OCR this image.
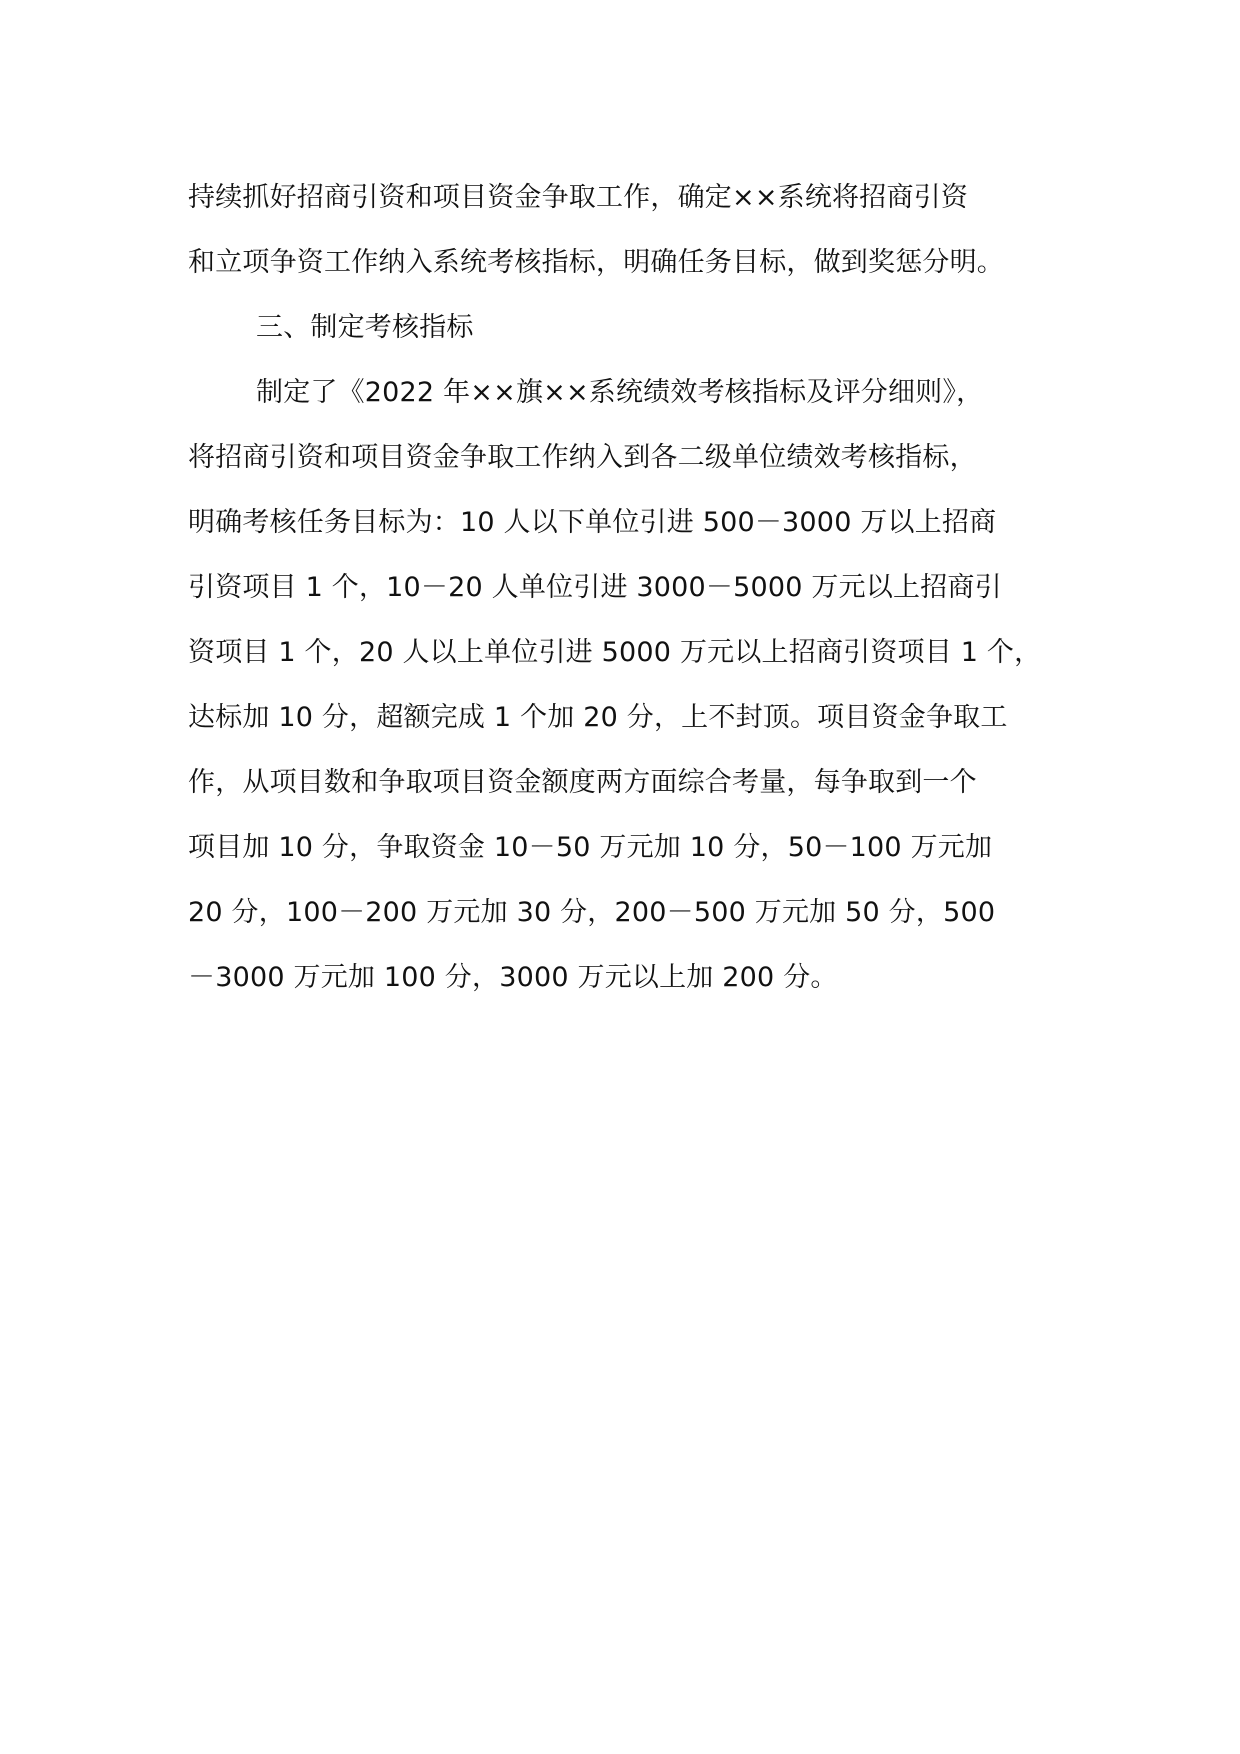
持续抓好招商引资和项目资金争取工作，确定××系统将招商引资
和立项争资工作纳入系统考核指标，明确任务目标，做到奖惩分明。
三、制定考核指标
制定了《2022 年××旗××系统绩效考核指标及评分细则》，
将招商引资和项目资金争取工作纳入到各二级单位绩效考核指标，
明确考核任务目标为：10 人以下单位引进 500－3000 万以上招商
引资项目 1 个，10－20 人单位引进 3000－5000 万元以上招商引
资项目 1 个，20 人以上单位引进 5000 万元以上招商引资项目 1 个，
达标加 10 分，超额完成 1 个加 20 分，上不封顶。项目资金争取工
作，从项目数和争取项目资金额度两方面综合考量，每争取到一个
项目加 10 分，争取资金 10－50 万元加 10 分，50－100 万元加
20 分，100－200 万元加 30 分，200－500 万元加 50 分，500
－3000 万元加 100 分，3000 万元以上加 200 分。
